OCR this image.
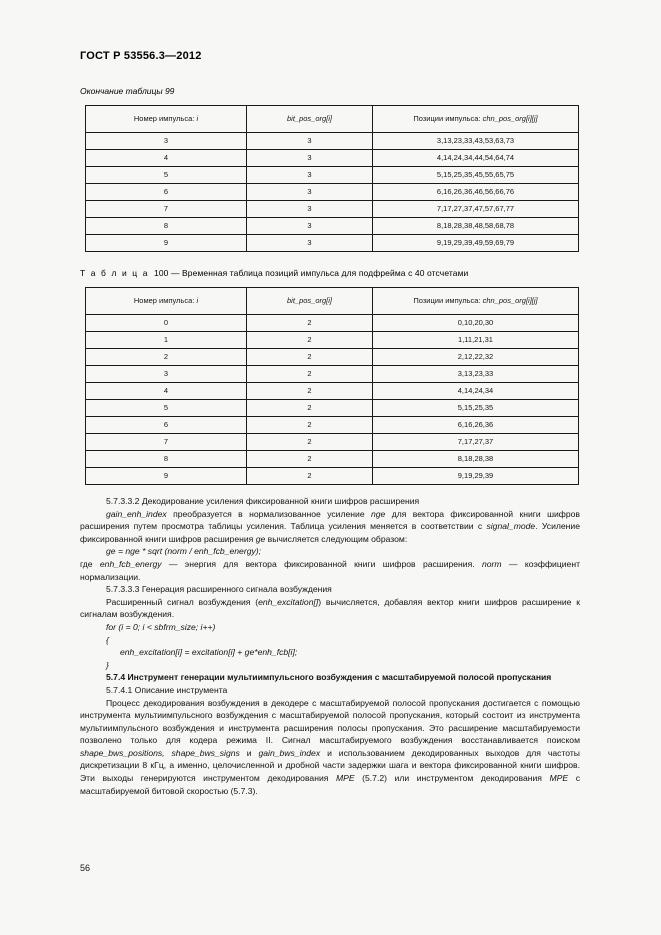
ГОСТ Р 53556.3—2012
Окончание таблицы 99
Номер импульса: i	bit_pos_org[i]	Позиции импульса: chn_pos_org[i][j]
3	3	3,13,23,33,43,53,63,73
4	3	4,14,24,34,44,54,64,74
5	3	5,15,25,35,45,55,65,75
6	3	6,16,26,36,46,56,66,76
7	3	7,17,27,37,47,57,67,77
8	3	8,18,28,38,48,58,68,78
9	3	9,19,29,39,49,59,69,79
Т а б л и ц а 100 — Временная таблица позиций импульса для подфрейма с 40 отсчетами
Номер импульса: i	bit_pos_org[i]	Позиции импульса: chn_pos_org[i][j]
0	2	0,10,20,30
1	2	1,11,21,31
2	2	2,12,22,32
3	2	3,13,23,33
4	2	4,14,24,34
5	2	5,15,25,35
6	2	6,16,26,36
7	2	7,17,27,37
8	2	8,18,28,38
9	2	9,19,29,39

5.7.3.3.2 Декодирование усиления фиксированной книги шифров расширения

gain_enh_index преобразуется в нормализованное усиление nge для вектора фиксированной книги шифров расширения путем просмотра таблицы усиления. Таблица усиления меняется в соответствии с signal_mode. Усиление фиксированной книги шифров расширения ge вычисляется следующим образом:

ge = nge * sqrt (norm / enh_fcb_energy);

где enh_fcb_energy — энергия для вектора фиксированной книги шифров расширения. norm — коэффициент нормализации.

5.7.3.3.3 Генерация расширенного сигнала возбуждения

Расширенный сигнал возбуждения (enh_excitation[]) вычисляется, добавляя вектор книги шифров расширение к сигналам возбуждения.

for (i = 0; i < sbfrm_size; i++)

{

enh_excitation[i] = excitation[i] + ge*enh_fcb[i];

}

5.7.4 Инструмент генерации мультиимпульсного возбуждения с масштабируемой полосой пропускания

5.7.4.1 Описание инструмента

Процесс декодирования возбуждения в декодере с масштабируемой полосой пропускания достигается с помощью инструмента мультиимпульсного возбуждения с масштабируемой полосой пропускания, который состоит из инструмента мультиимпульсного возбуждения и инструмента расширения полосы пропускания. Это расширение масштабируемости позволено только для кодера режима II. Сигнал масштабируемого возбуждения восстанавливается поиском shape_bws_positions, shape_bws_signs и gain_bws_index и использованием декодированных выходов для частоты дискретизации 8 кГц, а именно, целочисленной и дробной части задержки шага и вектора фиксированной книги шифров. Эти выходы генерируются инструментом декодирования MPE (5.7.2) или инструментом декодирования MPE с масштабируемой битовой скоростью (5.7.3).

56
